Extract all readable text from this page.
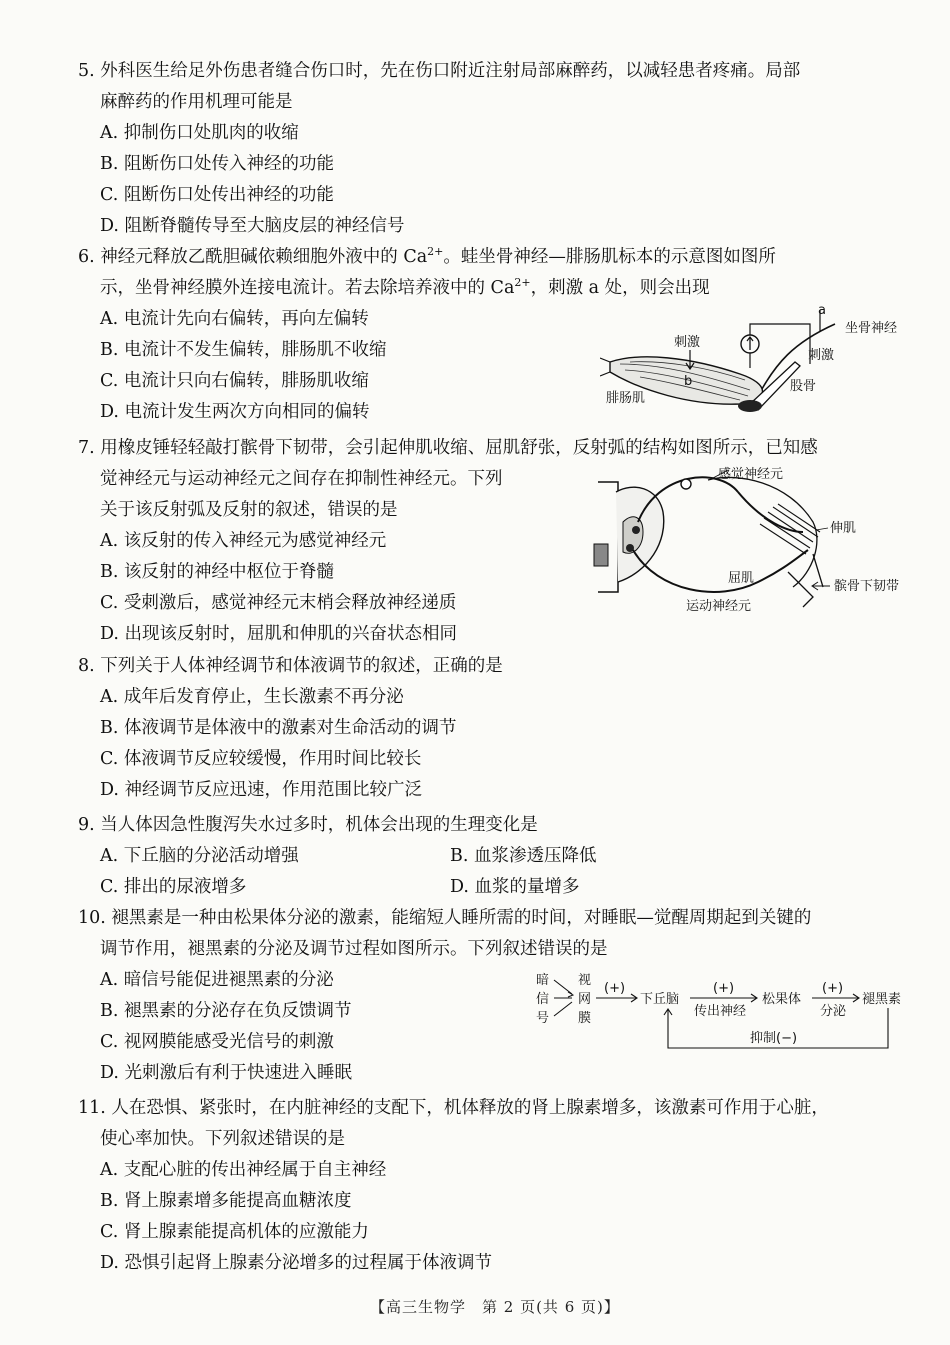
5. 外科医生给足外伤患者缝合伤口时，先在伤口附近注射局部麻醉药，以减轻患者疼痛。局部
麻醉药的作用机理可能是
A. 抑制伤口处肌肉的收缩
B. 阻断伤口处传入神经的功能
C. 阻断伤口处传出神经的功能
D. 阻断脊髓传导至大脑皮层的神经信号
6. 神经元释放乙酰胆碱依赖细胞外液中的 $Ca^{2+}$。蛙坐骨神经—腓肠肌标本的示意图如图所
示，坐骨神经膜外连接电流计。若去除培养液中的 $Ca^{2+}$，刺激 a 处，则会出现
A. 电流计先向右偏转，再向左偏转
B. 电流计不发生偏转，腓肠肌不收缩
C. 电流计只向右偏转，腓肠肌收缩
D. 电流计发生两次方向相同的偏转
a
b
坐骨神经
刺激
刺激
股骨
腓肠肌
7. 用橡皮锤轻轻敲打髌骨下韧带，会引起伸肌收缩、屈肌舒张，反射弧的结构如图所示，已知感
觉神经元与运动神经元之间存在抑制性神经元。下列
关于该反射弧及反射的叙述，错误的是
A. 该反射的传入神经元为感觉神经元
B. 该反射的神经中枢位于脊髓
C. 受刺激后，感觉神经元末梢会释放神经递质
D. 出现该反射时，屈肌和伸肌的兴奋状态相同
感觉神经元
伸肌
屈肌
髌骨下韧带
运动神经元
8. 下列关于人体神经调节和体液调节的叙述，正确的是
A. 成年后发育停止，生长激素不再分泌
B. 体液调节是体液中的激素对生命活动的调节
C. 体液调节反应较缓慢，作用时间比较长
D. 神经调节反应迅速，作用范围比较广泛
9. 当人体因急性腹泻失水过多时，机体会出现的生理变化是
A. 下丘脑的分泌活动增强	B. 血浆渗透压降低
C. 排出的尿液增多	D. 血浆的量增多
10. 褪黑素是一种由松果体分泌的激素，能缩短人睡所需的时间，对睡眠—觉醒周期起到关键的
调节作用，褪黑素的分泌及调节过程如图所示。下列叙述错误的是
A. 暗信号能促进褪黑素的分泌
B. 褪黑素的分泌存在负反馈调节
C. 视网膜能感受光信号的刺激
D. 光刺激后有利于快速进入睡眠
暗
信
号
视
网
膜
(+)
下丘脑
(+)
传出神经
松果体
(+)
分泌
褪黑素
抑制(−)
11. 人在恐惧、紧张时，在内脏神经的支配下，机体释放的肾上腺素增多，该激素可作用于心脏，
使心率加快。下列叙述错误的是
A. 支配心脏的传出神经属于自主神经
B. 肾上腺素增多能提高血糖浓度
C. 肾上腺素能提高机体的应激能力
D. 恐惧引起肾上腺素分泌增多的过程属于体液调节
【高三生物学　第 2 页(共 6 页)】
